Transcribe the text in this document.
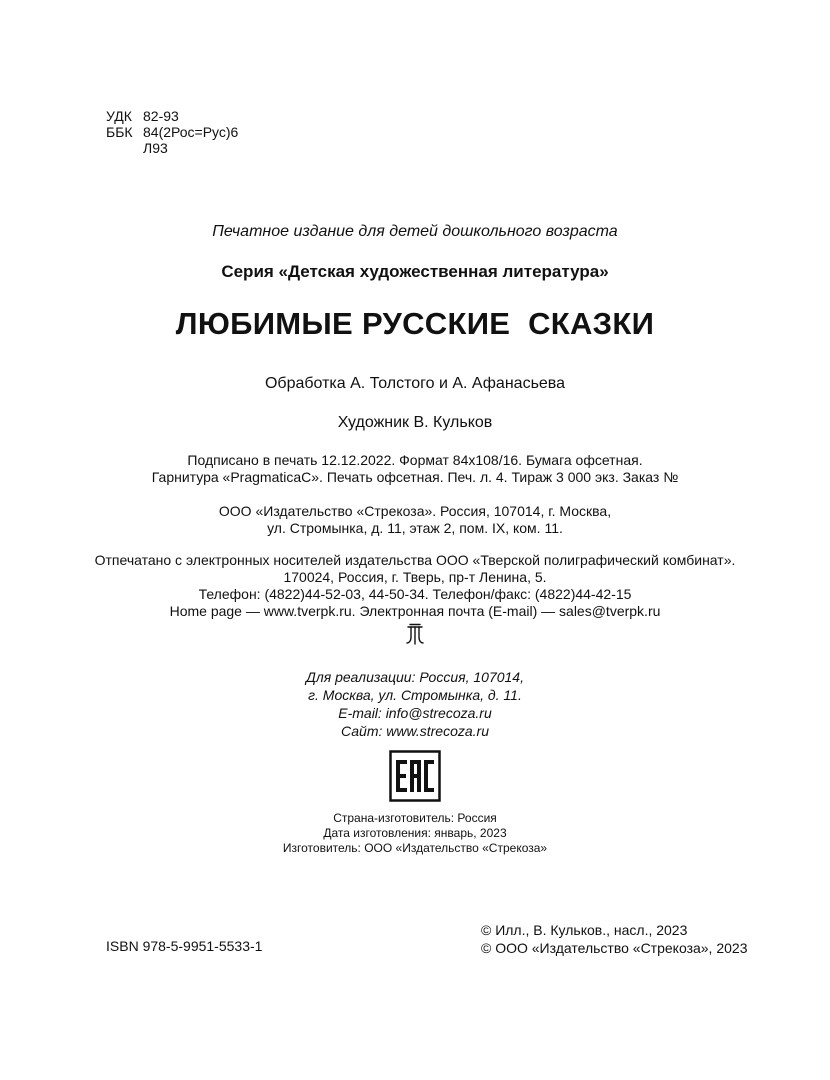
УДК 82-93
ББК 84(2Рос=Рус)6
Л93
Печатное издание для детей дошкольного возраста
Серия «Детская художественная литература»
ЛЮБИМЫЕ РУССКИЕ  СКАЗКИ
Обработка А. Толстого и А. Афанасьева
Художник В. Кульков
Подписано в печать 12.12.2022. Формат 84х108/16. Бумага офсетная.
Гарнитура «PragmaticaC». Печать офсетная. Печ. л. 4. Тираж 3 000 экз. Заказ №
ООО «Издательство «Стрекоза». Россия, 107014, г. Москва,
ул. Стромынка, д. 11, этаж 2, пом. IX, ком. 11.
Отпечатано с электронных носителей издательства ООО «Тверской полиграфический комбинат».
170024, Россия, г. Тверь, пр-т Ленина, 5.
Телефон: (4822)44-52-03, 44-50-34. Телефон/факс: (4822)44-42-15
Home page — www.tverpk.ru. Электронная почта (E-mail) — sales@tverpk.ru
Для реализации: Россия, 107014,
г. Москва, ул. Стромынка, д. 11.
E-mail: info@strecoza.ru
Сайт: www.strecoza.ru
Страна-изготовитель: Россия
Дата изготовления: январь, 2023
Изготовитель: ООО «Издательство «Стрекоза»
ISBN 978-5-9951-5533-1
© Илл., В. Кульков., насл., 2023
© ООО «Издательство «Стрекоза», 2023
